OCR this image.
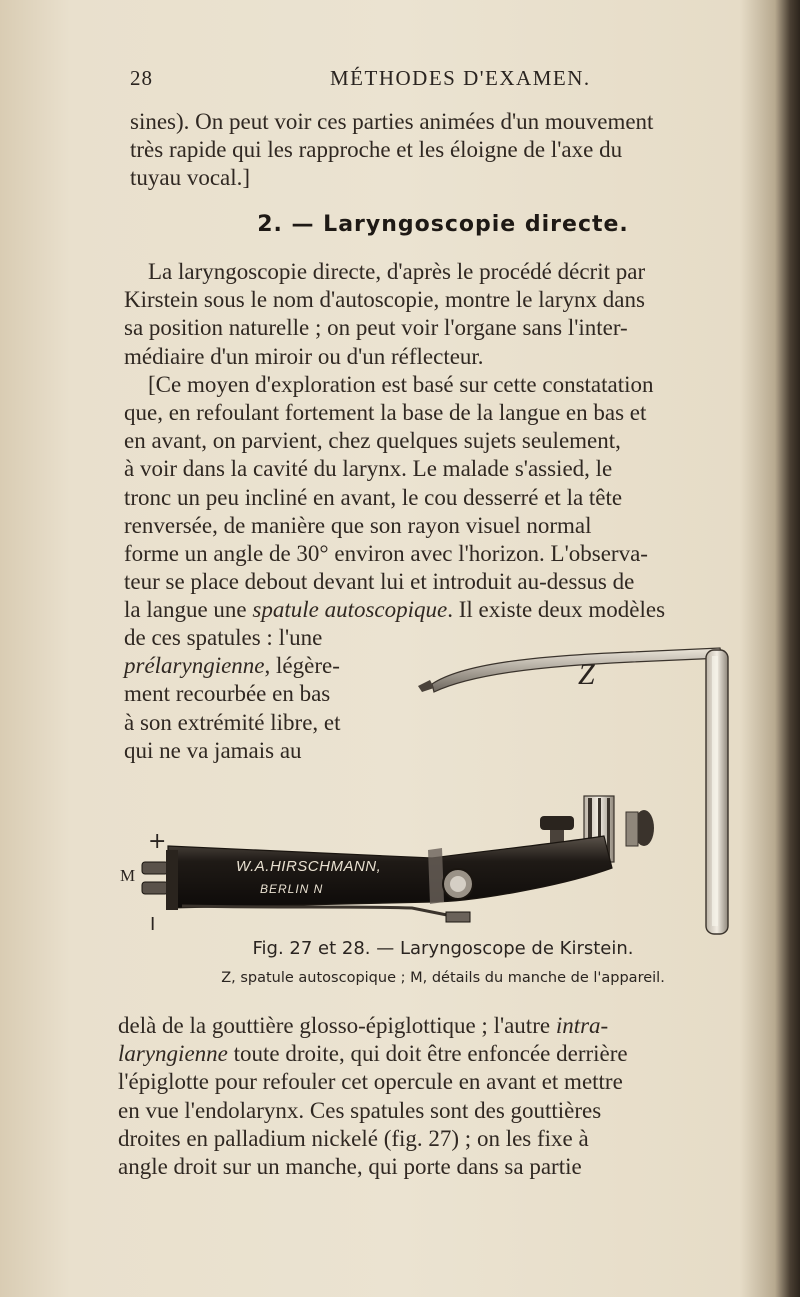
28	MÉTHODES D'EXAMEN.

sines). On peut voir ces parties animées d'un mouvement

très rapide qui les rapproche et les éloigne de l'axe du

tuyau vocal.]

2. — Laryngoscopie directe.

La laryngoscopie directe, d'après le procédé décrit par

Kirstein sous le nom d'autoscopie, montre le larynx dans

sa position naturelle ; on peut voir l'organe sans l'inter-

médiaire d'un miroir ou d'un réflecteur.

[Ce moyen d'exploration est basé sur cette constatation

que, en refoulant fortement la base de la langue en bas et

en avant, on parvient, chez quelques sujets seulement,

à voir dans la cavité du larynx. Le malade s'assied, le

tronc un peu incliné en avant, le cou desserré et la tête

renversée, de manière que son rayon visuel normal

forme un angle de 30° environ avec l'horizon. L'observa-

teur se place debout devant lui et introduit au-dessus de

la langue une spatule autoscopique. Il existe deux modèles

de ces spatules : l'une

prélaryngienne, légère-

ment recourbée en bas

à son extrémité libre, et

qui ne va jamais au

+
I
Z
M	W.A.HIRSCHMANN,
BERLIN N
Fig. 27 et 28. — Laryngoscope de Kirstein.
Z, spatule autoscopique ; M, détails du manche de l'appareil.

delà de la gouttière glosso-épiglottique ; l'autre intra-

laryngienne toute droite, qui doit être enfoncée derrière

l'épiglotte pour refouler cet opercule en avant et mettre

en vue l'endolarynx. Ces spatules sont des gouttières

droites en palladium nickelé (fig. 27) ; on les fixe à

angle droit sur un manche, qui porte dans sa partie
